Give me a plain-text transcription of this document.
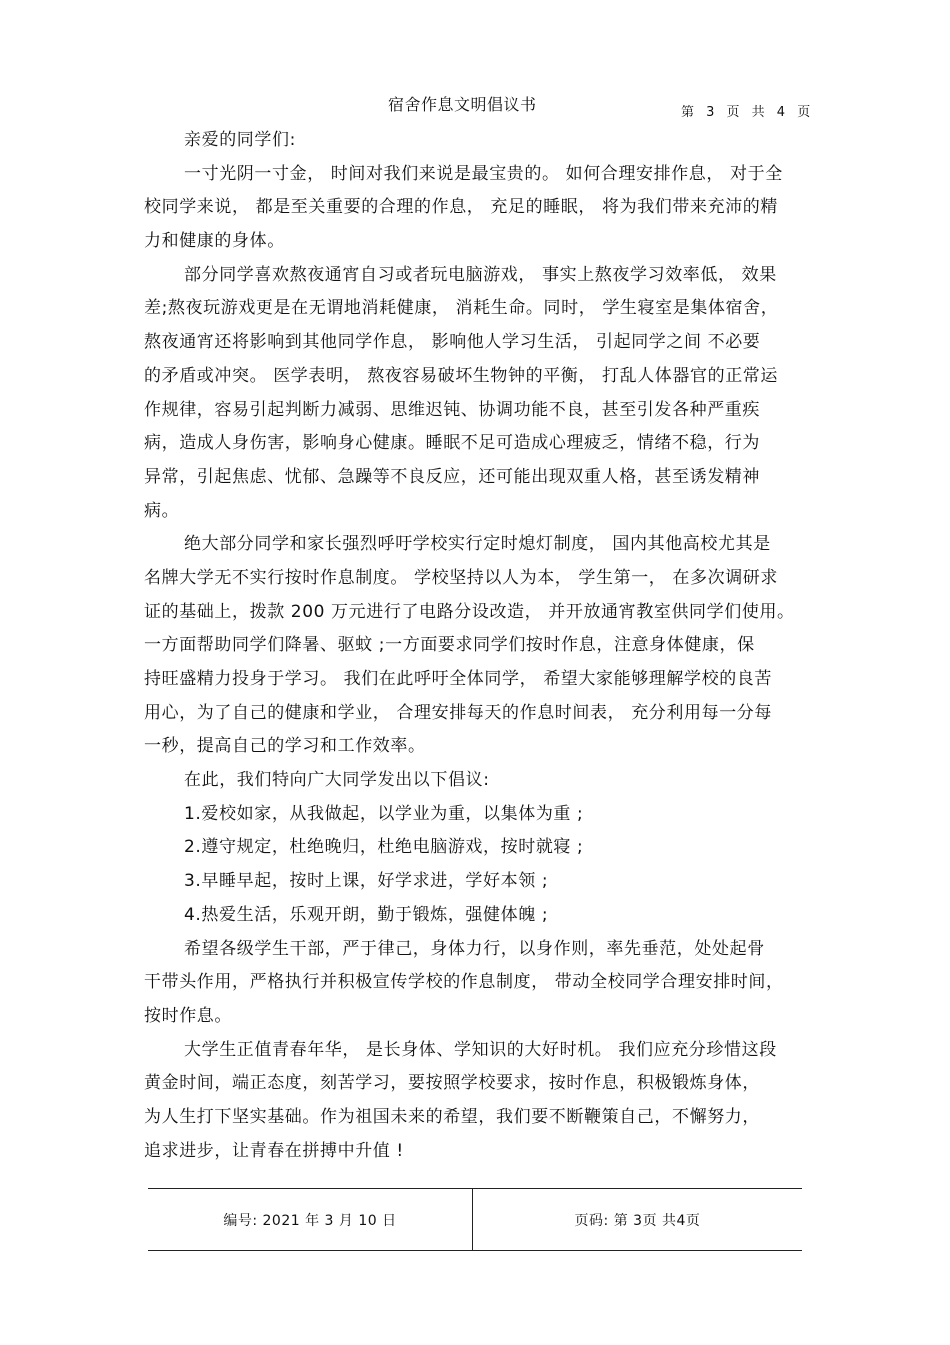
宿舍作息文明倡议书	第 3 页 共 4 页
亲爱的同学们:
一寸光阴一寸金， 时间对我们来说是最宝贵的。 如何合理安排作息， 对于全
校同学来说， 都是至关重要的合理的作息， 充足的睡眠， 将为我们带来充沛的精
力和健康的身体。
部分同学喜欢熬夜通宵自习或者玩电脑游戏， 事实上熬夜学习效率低， 效果
差;熬夜玩游戏更是在无谓地消耗健康， 消耗生命。同时， 学生寝室是集体宿舍，
熬夜通宵还将影响到其他同学作息， 影响他人学习生活， 引起同学之间 不必要
的矛盾或冲突。 医学表明， 熬夜容易破坏生物钟的平衡， 打乱人体器官的正常运
作规律，容易引起判断力减弱、思维迟钝、协调功能不良，甚至引发各种严重疾
病，造成人身伤害，影响身心健康。睡眠不足可造成心理疲乏，情绪不稳，行为
异常，引起焦虑、忧郁、急躁等不良反应，还可能出现双重人格，甚至诱发精神
病。
绝大部分同学和家长强烈呼吁学校实行定时熄灯制度， 国内其他高校尤其是
名牌大学无不实行按时作息制度。 学校坚持以人为本， 学生第一， 在多次调研求
证的基础上，拨款 200 万元进行了电路分设改造， 并开放通宵教室供同学们使用。
一方面帮助同学们降暑、驱蚊 ;一方面要求同学们按时作息，注意身体健康，保
持旺盛精力投身于学习。 我们在此呼吁全体同学， 希望大家能够理解学校的良苦
用心，为了自己的健康和学业， 合理安排每天的作息时间表， 充分利用每一分每
一秒，提高自己的学习和工作效率。
在此，我们特向广大同学发出以下倡议:
1.爱校如家，从我做起，以学业为重，以集体为重 ;
2.遵守规定，杜绝晚归，杜绝电脑游戏，按时就寝 ;
3.早睡早起，按时上课，好学求进，学好本领 ;
4.热爱生活，乐观开朗，勤于锻炼，强健体魄 ;
希望各级学生干部，严于律己，身体力行，以身作则，率先垂范，处处起骨
干带头作用，严格执行并积极宣传学校的作息制度， 带动全校同学合理安排时间，
按时作息。
大学生正值青春年华， 是长身体、学知识的大好时机。 我们应充分珍惜这段
黄金时间，端正态度，刻苦学习，要按照学校要求，按时作息，积极锻炼身体，
为人生打下坚实基础。作为祖国未来的希望，我们要不断鞭策自己，不懈努力，
追求进步，让青春在拼搏中升值 !
编号: 2021 年 3 月 10 日	页码: 第 3页 共4页
